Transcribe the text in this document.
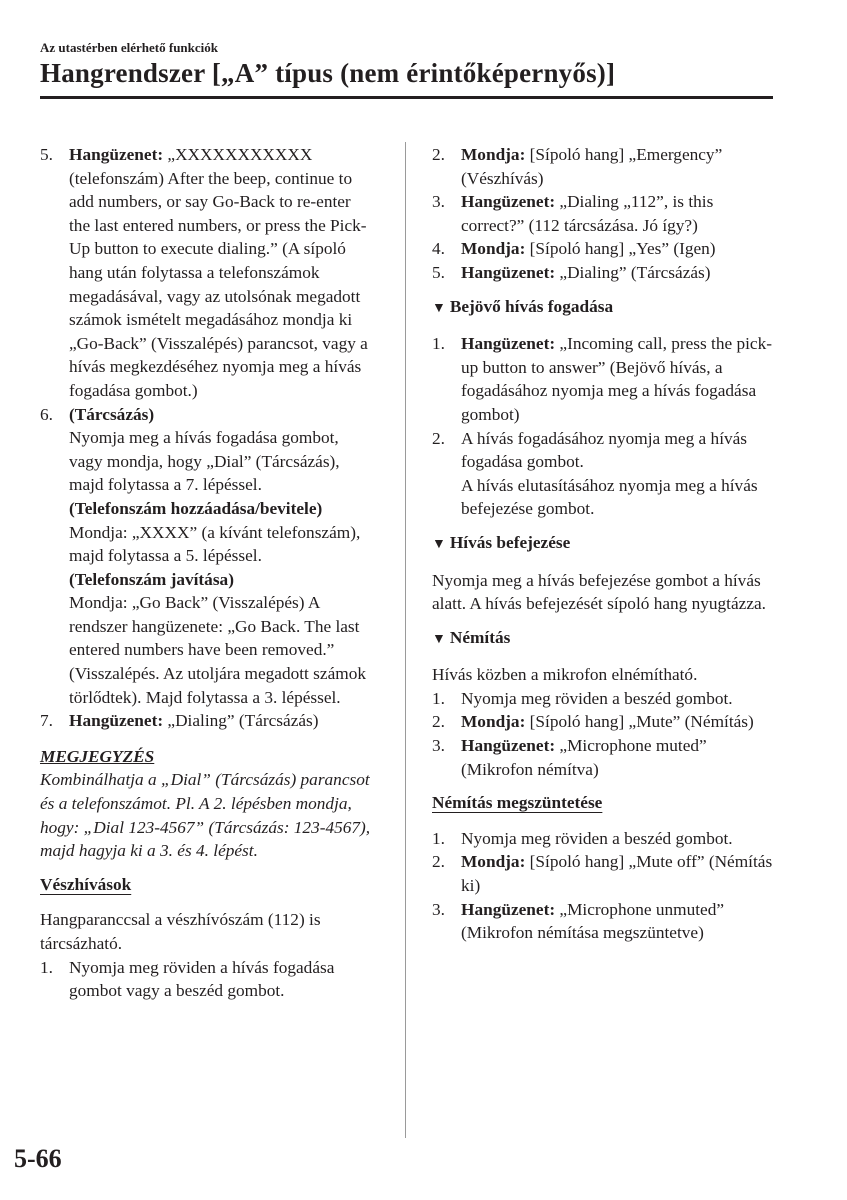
Az utastérben elérhető funkciók
Hangrendszer [„A” típus (nem érintőképernyős)]
5. Hangüzenet: „XXXXXXXXXXX (telefonszám) After the beep, continue to add numbers, or say Go-Back to re-enter the last entered numbers, or press the Pick-Up button to execute dialing.” (A sípoló hang után folytassa a telefonszámok megadásával, vagy az utolsónak megadott számok ismételt megadásához mondja ki „Go-Back” (Visszalépés) parancsot, vagy a hívás megkezdéséhez nyomja meg a hívás fogadása gombot.)
6. (Tárcsázás)
Nyomja meg a hívás fogadása gombot, vagy mondja, hogy „Dial” (Tárcsázás), majd folytassa a 7. lépéssel.
(Telefonszám hozzáadása/bevitele)
Mondja: „XXXX” (a kívánt telefonszám), majd folytassa a 5. lépéssel.
(Telefonszám javítása)
Mondja: „Go Back” (Visszalépés) A rendszer hangüzenete: „Go Back. The last entered numbers have been removed.” (Visszalépés. Az utoljára megadott számok törlődtek). Majd folytassa a 3. lépéssel.
7. Hangüzenet: „Dialing” (Tárcsázás)
MEGJEGYZÉS
Kombinálhatja a „Dial” (Tárcsázás) parancsot és a telefonszámot. Pl. A 2. lépésben mondja, hogy: „Dial 123-4567” (Tárcsázás: 123-4567), majd hagyja ki a 3. és 4. lépést.
Vészhívások
Hangparanccsal a vészhívószám (112) is tárcsázható.
1. Nyomja meg röviden a hívás fogadása gombot vagy a beszéd gombot.
2. Mondja: [Sípoló hang] „Emergency” (Vészhívás)
3. Hangüzenet: „Dialing „112”, is this correct?” (112 tárcsázása. Jó így?)
4. Mondja: [Sípoló hang] „Yes” (Igen)
5. Hangüzenet: „Dialing” (Tárcsázás)
▼ Bejövő hívás fogadása
1. Hangüzenet: „Incoming call, press the pick-up button to answer” (Bejövő hívás, a fogadásához nyomja meg a hívás fogadása gombot)
2. A hívás fogadásához nyomja meg a hívás fogadása gombot.
A hívás elutasításához nyomja meg a hívás befejezése gombot.
▼ Hívás befejezése
Nyomja meg a hívás befejezése gombot a hívás alatt. A hívás befejezését sípoló hang nyugtázza.
▼ Némítás
Hívás közben a mikrofon elnémítható.
1. Nyomja meg röviden a beszéd gombot.
2. Mondja: [Sípoló hang] „Mute” (Némítás)
3. Hangüzenet: „Microphone muted” (Mikrofon némítva)
Némítás megszüntetése
1. Nyomja meg röviden a beszéd gombot.
2. Mondja: [Sípoló hang] „Mute off” (Némítás ki)
3. Hangüzenet: „Microphone unmuted” (Mikrofon némítása megszüntetve)
5-66
